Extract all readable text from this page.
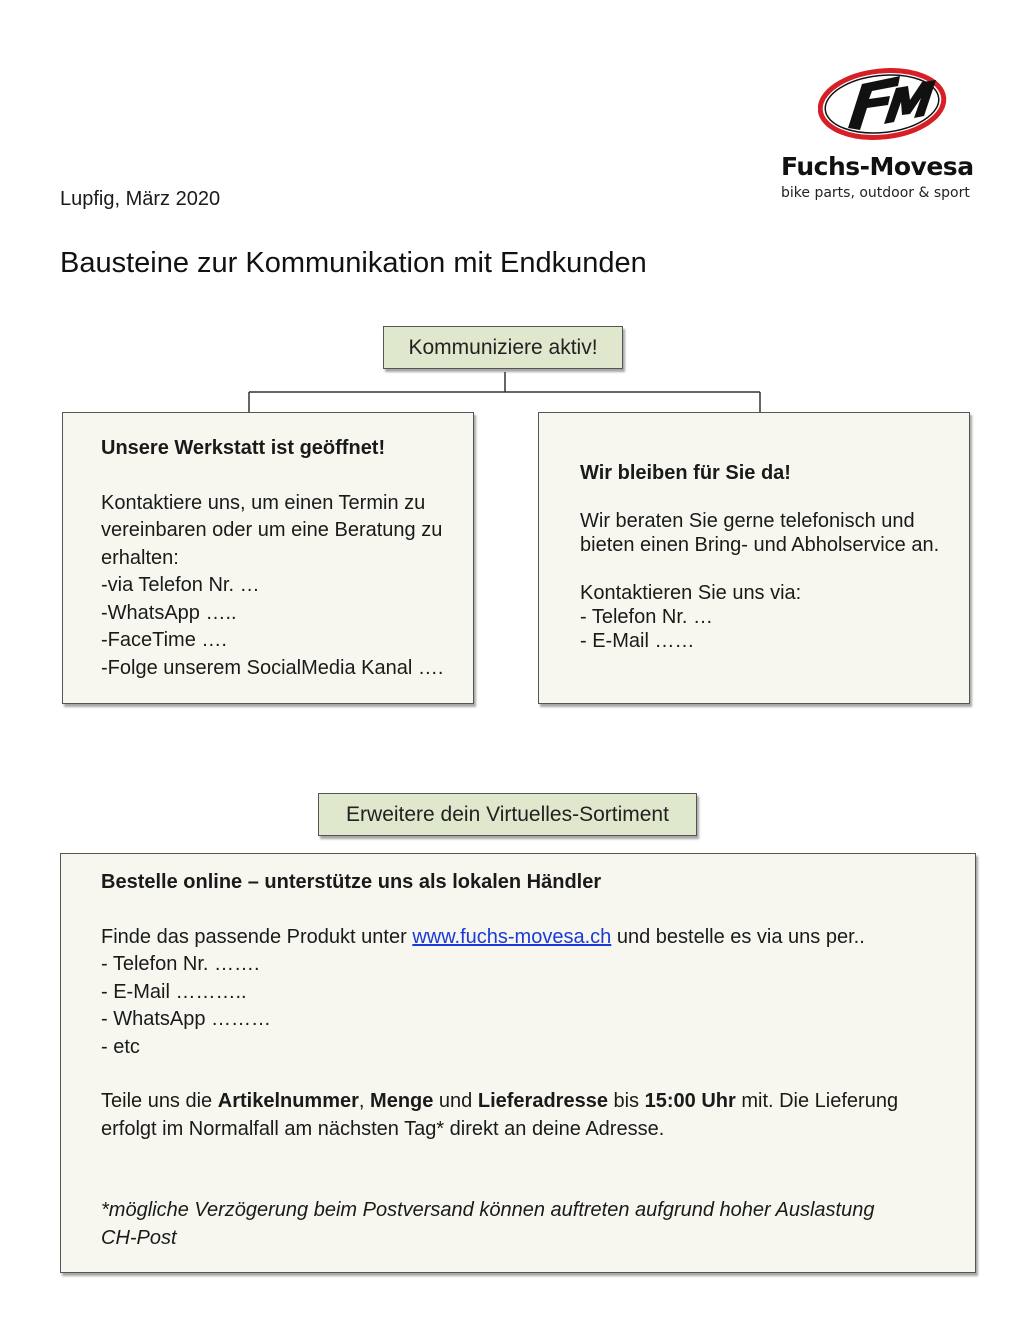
Fuchs-Movesa
bike parts, outdoor & sport
Lupfig, März 2020
Bausteine zur Kommunikation mit Endkunden
Kommuniziere aktiv!

Unsere Werkstatt ist geöffnet!

Kontaktiere uns, um einen Termin zu

vereinbaren oder um eine Beratung zu

erhalten:

-via Telefon Nr. …

-WhatsApp …..

-FaceTime ….

-Folge unserem SocialMedia Kanal ….

Wir bleiben für Sie da!

Wir beraten Sie gerne telefonisch und

bieten einen Bring- und Abholservice an.

Kontaktieren Sie uns via:

- Telefon Nr. …

- E-Mail ……

Erweitere dein Virtuelles-Sortiment

Bestelle online – unterstütze uns als lokalen Händler

Finde das passende Produkt unter www.fuchs-movesa.ch und bestelle es via uns per..

- Telefon Nr. …….

- E-Mail ………..

- WhatsApp ………

- etc

Teile uns die Artikelnummer, Menge und Lieferadresse bis 15:00 Uhr mit. Die Lieferung

erfolgt im Normalfall am nächsten Tag* direkt an deine Adresse.

*mögliche Verzögerung beim Postversand können auftreten aufgrund hoher Auslastung

CH-Post
